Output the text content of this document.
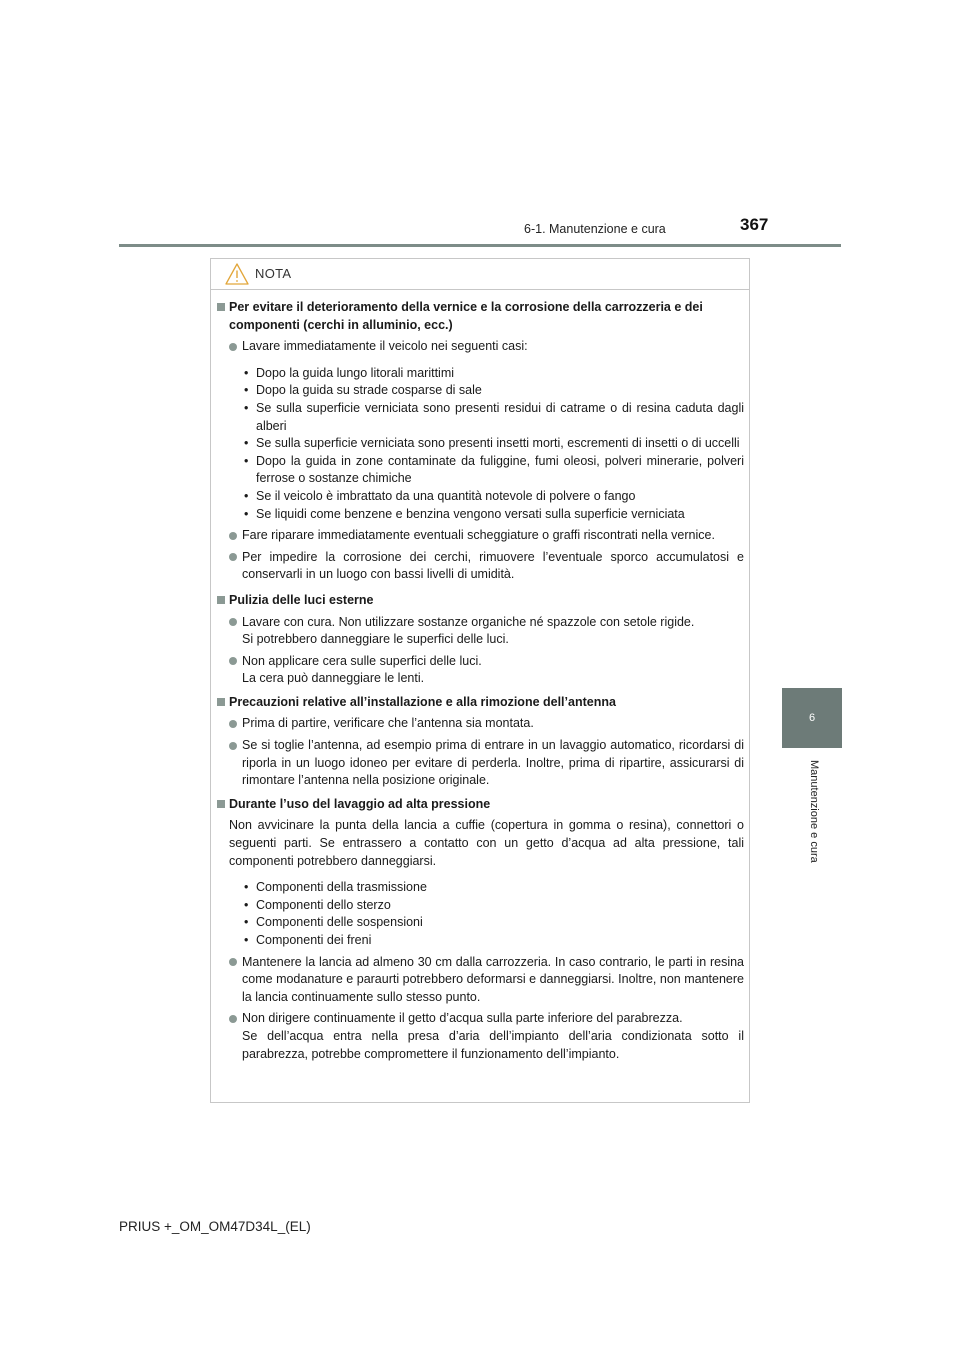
6-1. Manutenzione e cura	367
6
Manutenzione e cura
NOTA
Per evitare il deterioramento della vernice e la corrosione della carrozzeria e dei componenti (cerchi in alluminio, ecc.)
Lavare immediatamente il veicolo nei seguenti casi:
• Dopo la guida lungo litorali marittimi
• Dopo la guida su strade cosparse di sale
• Se sulla superficie verniciata sono presenti residui di catrame o di resina caduta dagli alberi
• Se sulla superficie verniciata sono presenti insetti morti, escrementi di insetti o di uccelli
• Dopo la guida in zone contaminate da fuliggine, fumi oleosi, polveri minerarie, polveri ferrose o sostanze chimiche
• Se il veicolo è imbrattato da una quantità notevole di polvere o fango
• Se liquidi come benzene e benzina vengono versati sulla superficie verniciata
Fare riparare immediatamente eventuali scheggiature o graffi riscontrati nella vernice.
Per impedire la corrosione dei cerchi, rimuovere l’eventuale sporco accumulatosi e conservarli in un luogo con bassi livelli di umidità.
Pulizia delle luci esterne
Lavare con cura. Non utilizzare sostanze organiche né spazzole con setole rigide.
Si potrebbero danneggiare le superfici delle luci.
Non applicare cera sulle superfici delle luci.
La cera può danneggiare le lenti.
Precauzioni relative all’installazione e alla rimozione dell’antenna
Prima di partire, verificare che l’antenna sia montata.
Se si toglie l’antenna, ad esempio prima di entrare in un lavaggio automatico, ricordarsi di riporla in un luogo idoneo per evitare di perderla. Inoltre, prima di ripartire, assicurarsi di rimontare l’antenna nella posizione originale.
Durante l’uso del lavaggio ad alta pressione
Non avvicinare la punta della lancia a cuffie (copertura in gomma o resina), connettori o seguenti parti. Se entrassero a contatto con un getto d’acqua ad alta pressione, tali componenti potrebbero danneggiarsi.
• Componenti della trasmissione
• Componenti dello sterzo
• Componenti delle sospensioni
• Componenti dei freni
Mantenere la lancia ad almeno 30 cm dalla carrozzeria. In caso contrario, le parti in resina come modanature e paraurti potrebbero deformarsi e danneggiarsi. Inoltre, non mantenere la lancia continuamente sullo stesso punto.
Non dirigere continuamente il getto d’acqua sulla parte inferiore del parabrezza.
Se dell’acqua entra nella presa d’aria dell’impianto dell’aria condizionata sotto il parabrezza, potrebbe compromettere il funzionamento dell’impianto.
PRIUS +_OM_OM47D34L_(EL)
